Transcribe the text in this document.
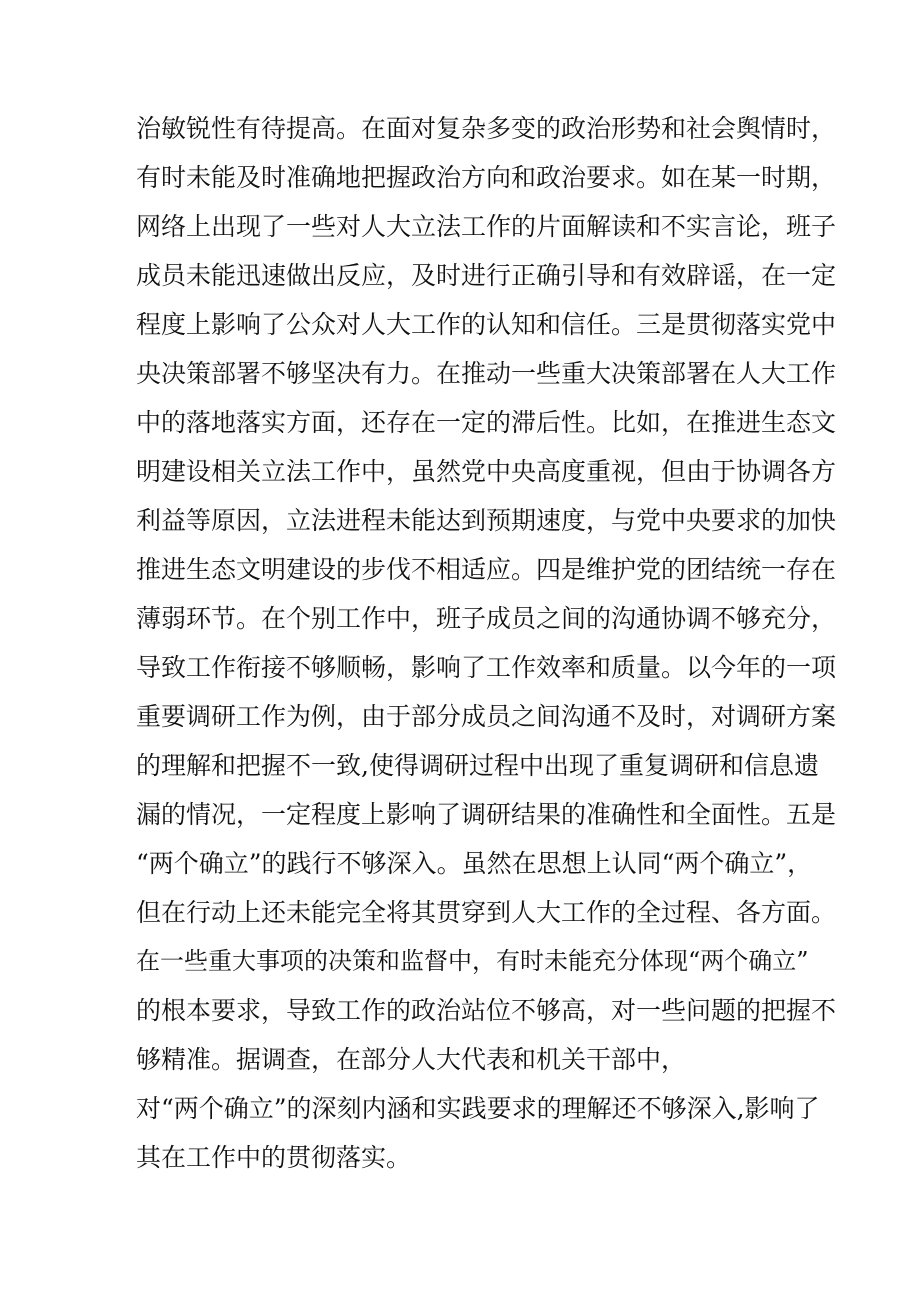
治敏锐性有待提高。在面对复杂多变的政治形势和社会舆情时，
有时未能及时准确地把握政治方向和政治要求。如在某一时期，
网络上出现了一些对人大立法工作的片面解读和不实言论，班子
成员未能迅速做出反应，及时进行正确引导和有效辟谣，在一定
程度上影响了公众对人大工作的认知和信任。三是贯彻落实党中
央决策部署不够坚决有力。在推动一些重大决策部署在人大工作
中的落地落实方面，还存在一定的滞后性。比如，在推进生态文
明建设相关立法工作中，虽然党中央高度重视，但由于协调各方
利益等原因，立法进程未能达到预期速度，与党中央要求的加快
推进生态文明建设的步伐不相适应。四是维护党的团结统一存在
薄弱环节。在个别工作中，班子成员之间的沟通协调不够充分，
导致工作衔接不够顺畅，影响了工作效率和质量。以今年的一项
重要调研工作为例，由于部分成员之间沟通不及时，对调研方案
的理解和把握不一致,使得调研过程中出现了重复调研和信息遗
漏的情况，一定程度上影响了调研结果的准确性和全面性。五是
“两个确立”的践行不够深入。虽然在思想上认同“两个确立”，
但在行动上还未能完全将其贯穿到人大工作的全过程、各方面。
在一些重大事项的决策和监督中，有时未能充分体现“两个确立”
的根本要求，导致工作的政治站位不够高，对一些问题的把握不
够精准。据调查，在部分人大代表和机关干部中，
对“两个确立”的深刻内涵和实践要求的理解还不够深入,影响了
其在工作中的贯彻落实。
